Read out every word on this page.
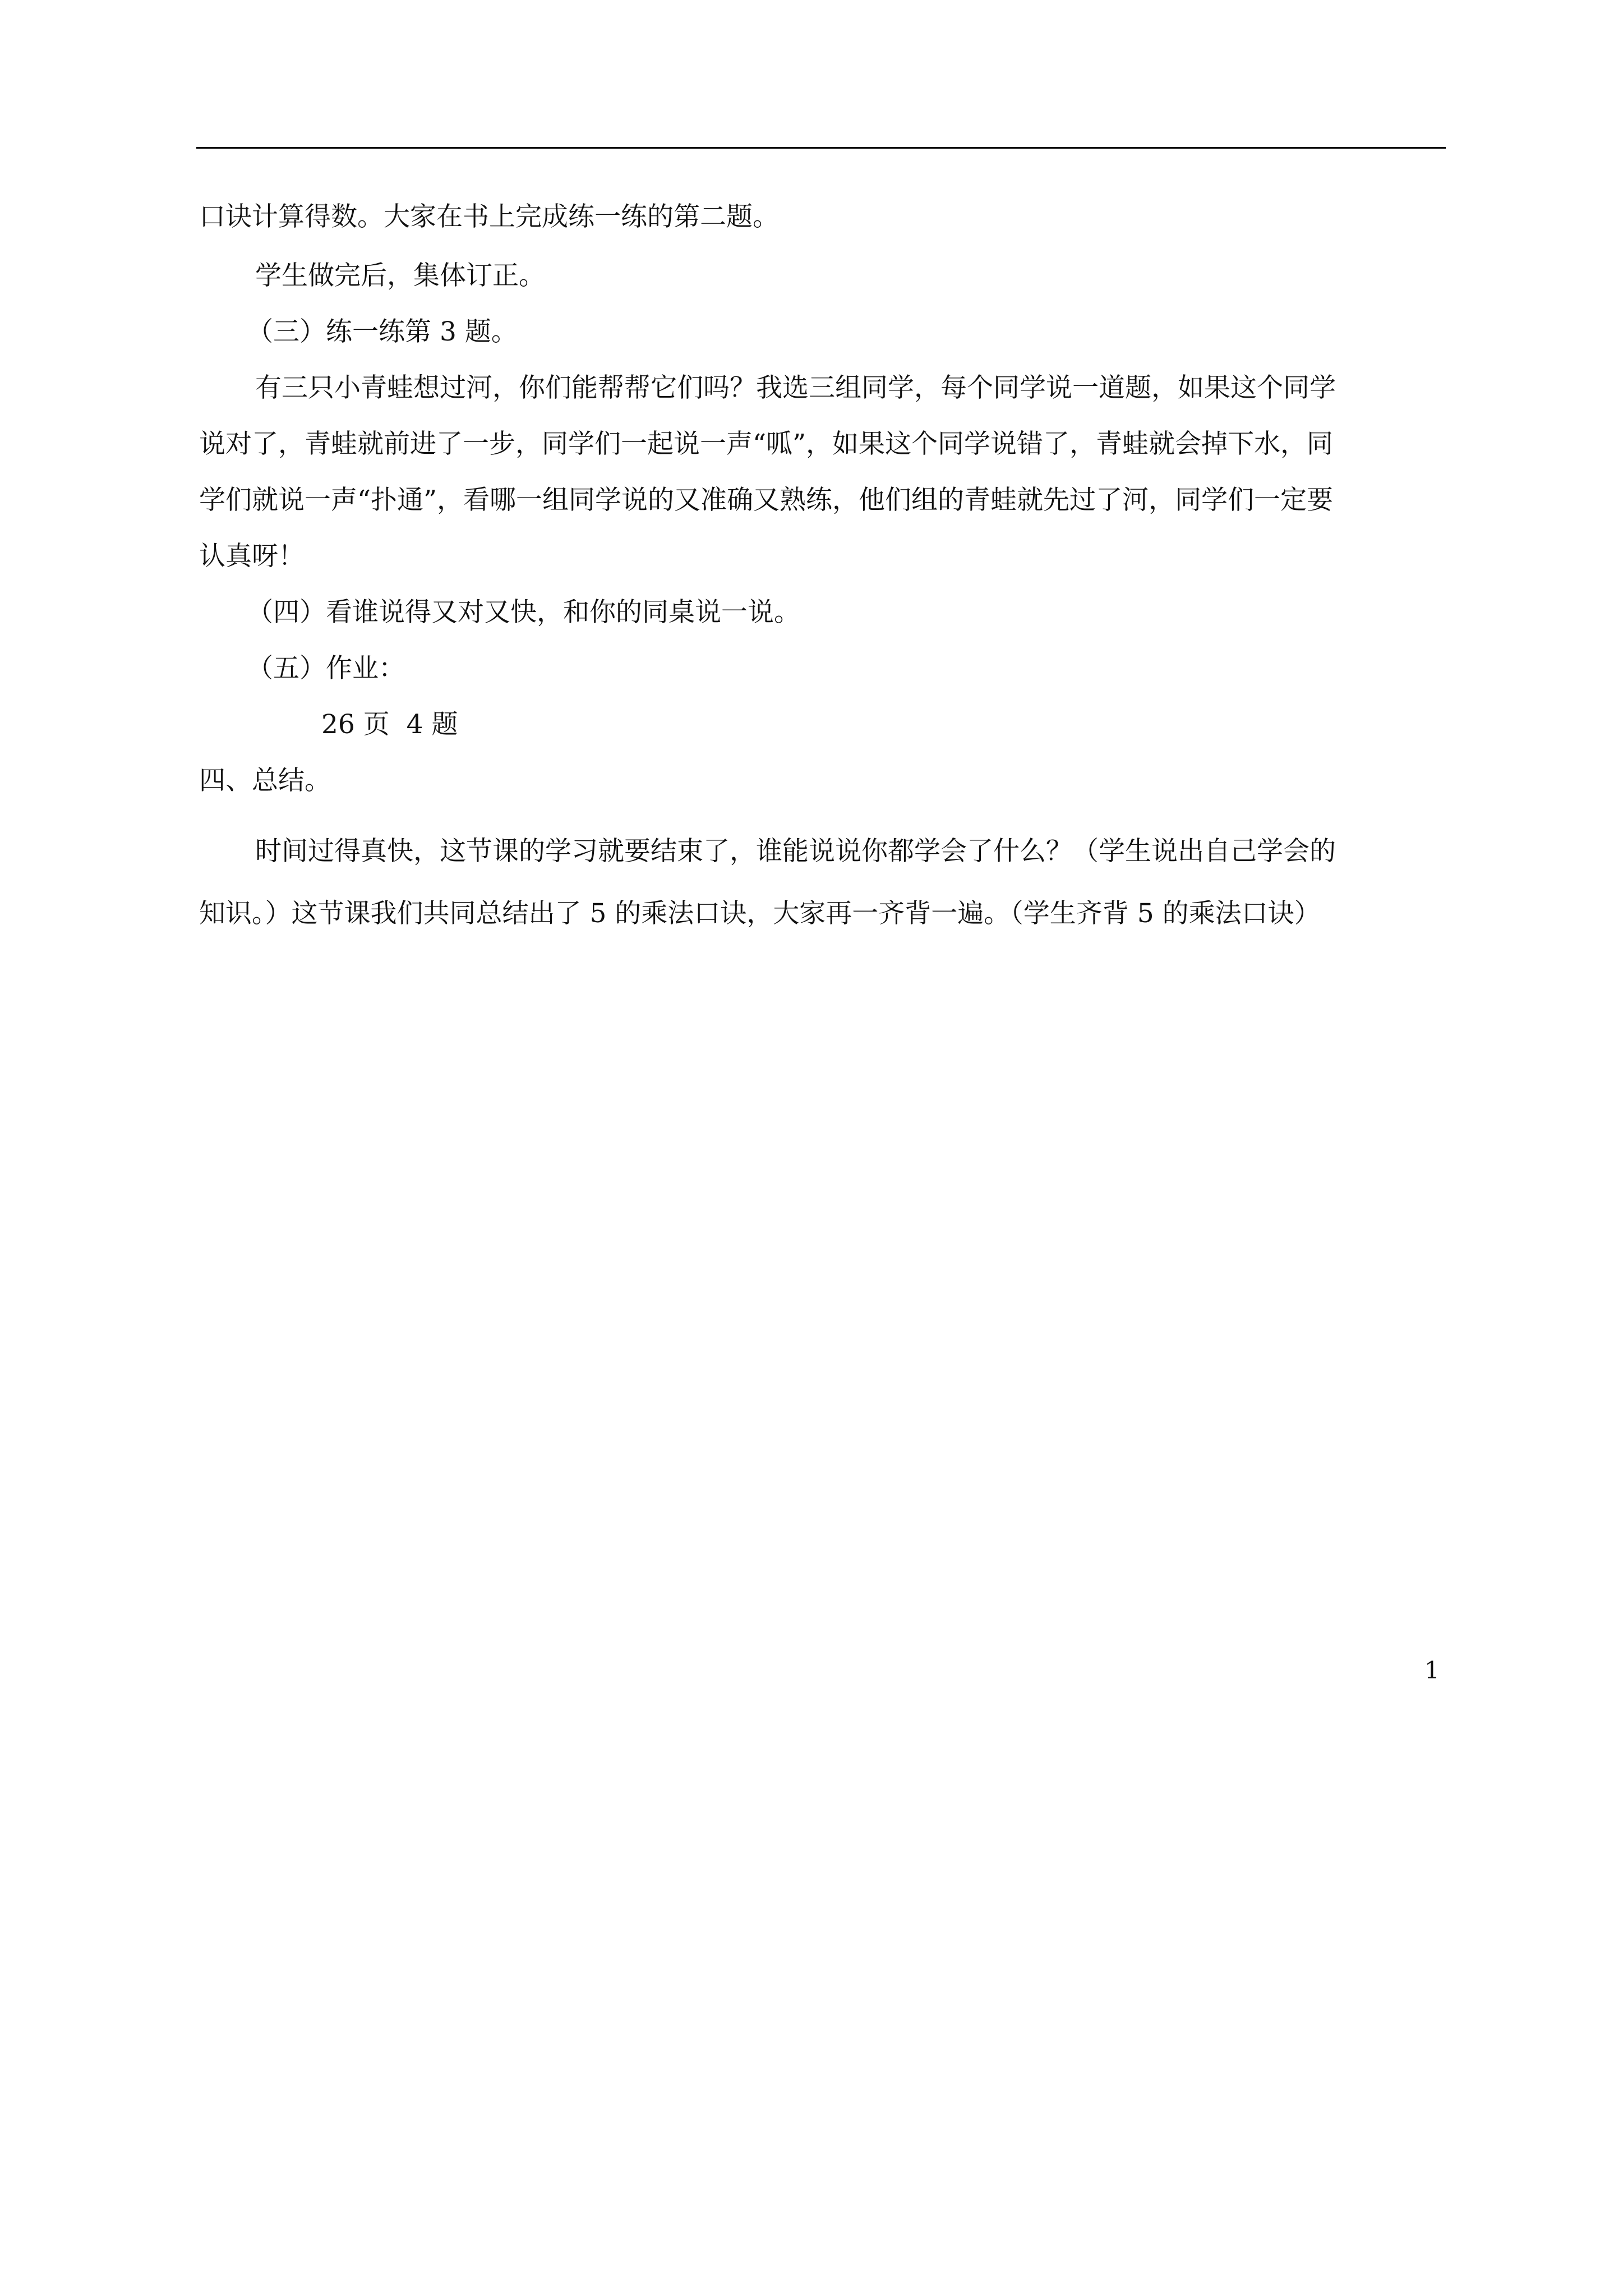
口诀计算得数。大家在书上完成练一练的第二题。
学生做完后，集体订正。
（三）练一练第 3 题。
有三只小青蛙想过河，你们能帮帮它们吗？我选三组同学，每个同学说一道题，如果这个同学
说对了，青蛙就前进了一步，同学们一起说一声“呱”，如果这个同学说错了，青蛙就会掉下水，同
学们就说一声“扑通”，看哪一组同学说的又准确又熟练，他们组的青蛙就先过了河，同学们一定要
认真呀！
（四）看谁说得又对又快，和你的同桌说一说。
（五）作业：
26 页  4 题
四、总结。
时间过得真快，这节课的学习就要结束了，谁能说说你都学会了什么？（学生说出自己学会的
知识。）这节课我们共同总结出了 5 的乘法口诀，大家再一齐背一遍。（学生齐背 5 的乘法口诀）
1
